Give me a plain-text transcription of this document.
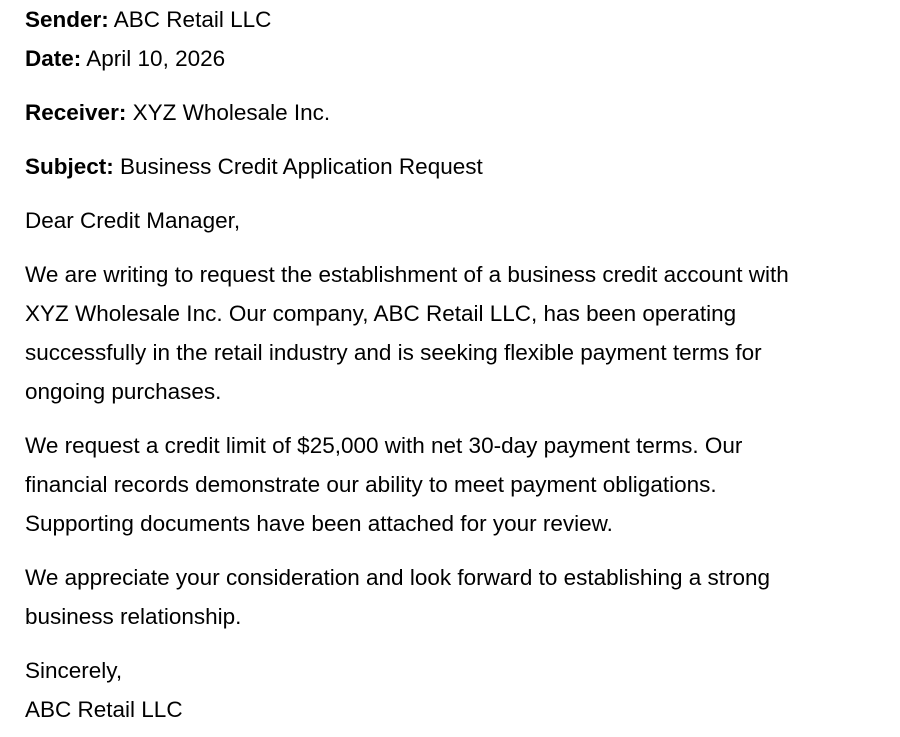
Sender: ABC Retail LLC

Date: April 10, 2026

Receiver: XYZ Wholesale Inc.

Subject: Business Credit Application Request

Dear Credit Manager,

We are writing to request the establishment of a business credit account with
XYZ Wholesale Inc. Our company, ABC Retail LLC, has been operating
successfully in the retail industry and is seeking flexible payment terms for
ongoing purchases.
We request a credit limit of $25,000 with net 30-day payment terms. Our
financial records demonstrate our ability to meet payment obligations.
Supporting documents have been attached for your review.
We appreciate your consideration and look forward to establishing a strong
business relationship.
Sincerely,
ABC Retail LLC
